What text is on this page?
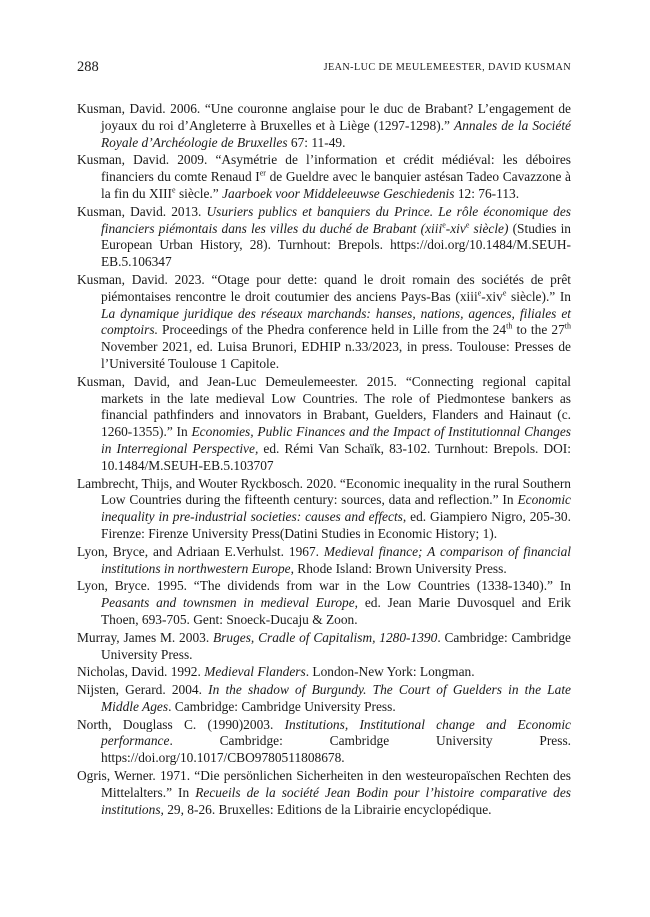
288	JEAN-LUC DE MEULEMEESTER, DAVID KUSMAN
Kusman, David. 2006. “Une couronne anglaise pour le duc de Brabant? L’engagement de joyaux du roi d’Angleterre à Bruxelles et à Liège (1297-1298).” Annales de la Société Royale d’Archéologie de Bruxelles 67: 11-49.
Kusman, David. 2009. “Asymétrie de l’information et crédit médiéval: les déboires financiers du comte Renaud Ier de Gueldre avec le banquier astésan Tadeo Cavazzone à la fin du XIIIe siècle.” Jaarboek voor Middeleeuwse Geschiedenis 12: 76-113.
Kusman, David. 2013. Usuriers publics et banquiers du Prince. Le rôle économique des financiers piémontais dans les villes du duché de Brabant (xiii$^e$-xiv$^e$ siècle) (Studies in European Urban History, 28). Turnhout: Brepols. https://doi.org/10.1484/M.SEUH-EB.5.106347
Kusman, David. 2023. “Otage pour dette: quand le droit romain des sociétés de prêt piémontaises rencontre le droit coutumier des anciens Pays-Bas (xiii$^e$-xiv$^e$ siècle).” In La dynamique juridique des réseaux marchands: hanses, nations, agences, filiales et comptoirs. Proceedings of the Phedra conference held in Lille from the 24th to the 27th November 2021, ed. Luisa Brunori, EDHIP n.33/2023, in press. Toulouse: Presses de l’Université Toulouse 1 Capitole.
Kusman, David, and Jean-Luc Demeulemeester. 2015. “Connecting regional capital markets in the late medieval Low Countries. The role of Piedmontese bankers as financial pathfinders and innovators in Brabant, Guelders, Flanders and Hainaut (c. 1260-1355).” In Economies, Public Finances and the Impact of Institutionnal Changes in Interregional Perspective, ed. Rémi Van Schaïk, 83-102. Turnhout: Brepols. DOI: 10.1484/M.SEUH-EB.5.103707
Lambrecht, Thijs, and Wouter Ryckbosch. 2020. “Economic inequality in the rural Southern Low Countries during the fifteenth century: sources, data and reflection.” In Economic inequality in pre-industrial societies: causes and effects, ed. Giampiero Nigro, 205-30. Firenze: Firenze University Press(Datini Studies in Economic History; 1).
Lyon, Bryce, and Adriaan E.Verhulst. 1967. Medieval finance; A comparison of financial institutions in northwestern Europe, Rhode Island: Brown University Press.
Lyon, Bryce. 1995. “The dividends from war in the Low Countries (1338-1340).” In Peasants and townsmen in medieval Europe, ed. Jean Marie Duvosquel and Erik Thoen, 693-705. Gent: Snoeck-Ducaju & Zoon.
Murray, James M. 2003. Bruges, Cradle of Capitalism, 1280-1390. Cambridge: Cambridge University Press.
Nicholas, David. 1992. Medieval Flanders. London-New York: Longman.
Nijsten, Gerard. 2004. In the shadow of Burgundy. The Court of Guelders in the Late Middle Ages. Cambridge: Cambridge University Press.
North, Douglass C. (1990)2003. Institutions, Institutional change and Economic performance. Cambridge: Cambridge University Press. https://doi.org/10.1017/CBO9780511808678.
Ogris, Werner. 1971. “Die persönlichen Sicherheiten in den westeuropaïschen Rechten des Mittelalters.” In Recueils de la société Jean Bodin pour l’histoire comparative des institutions, 29, 8-26. Bruxelles: Editions de la Librairie encyclopédique.
